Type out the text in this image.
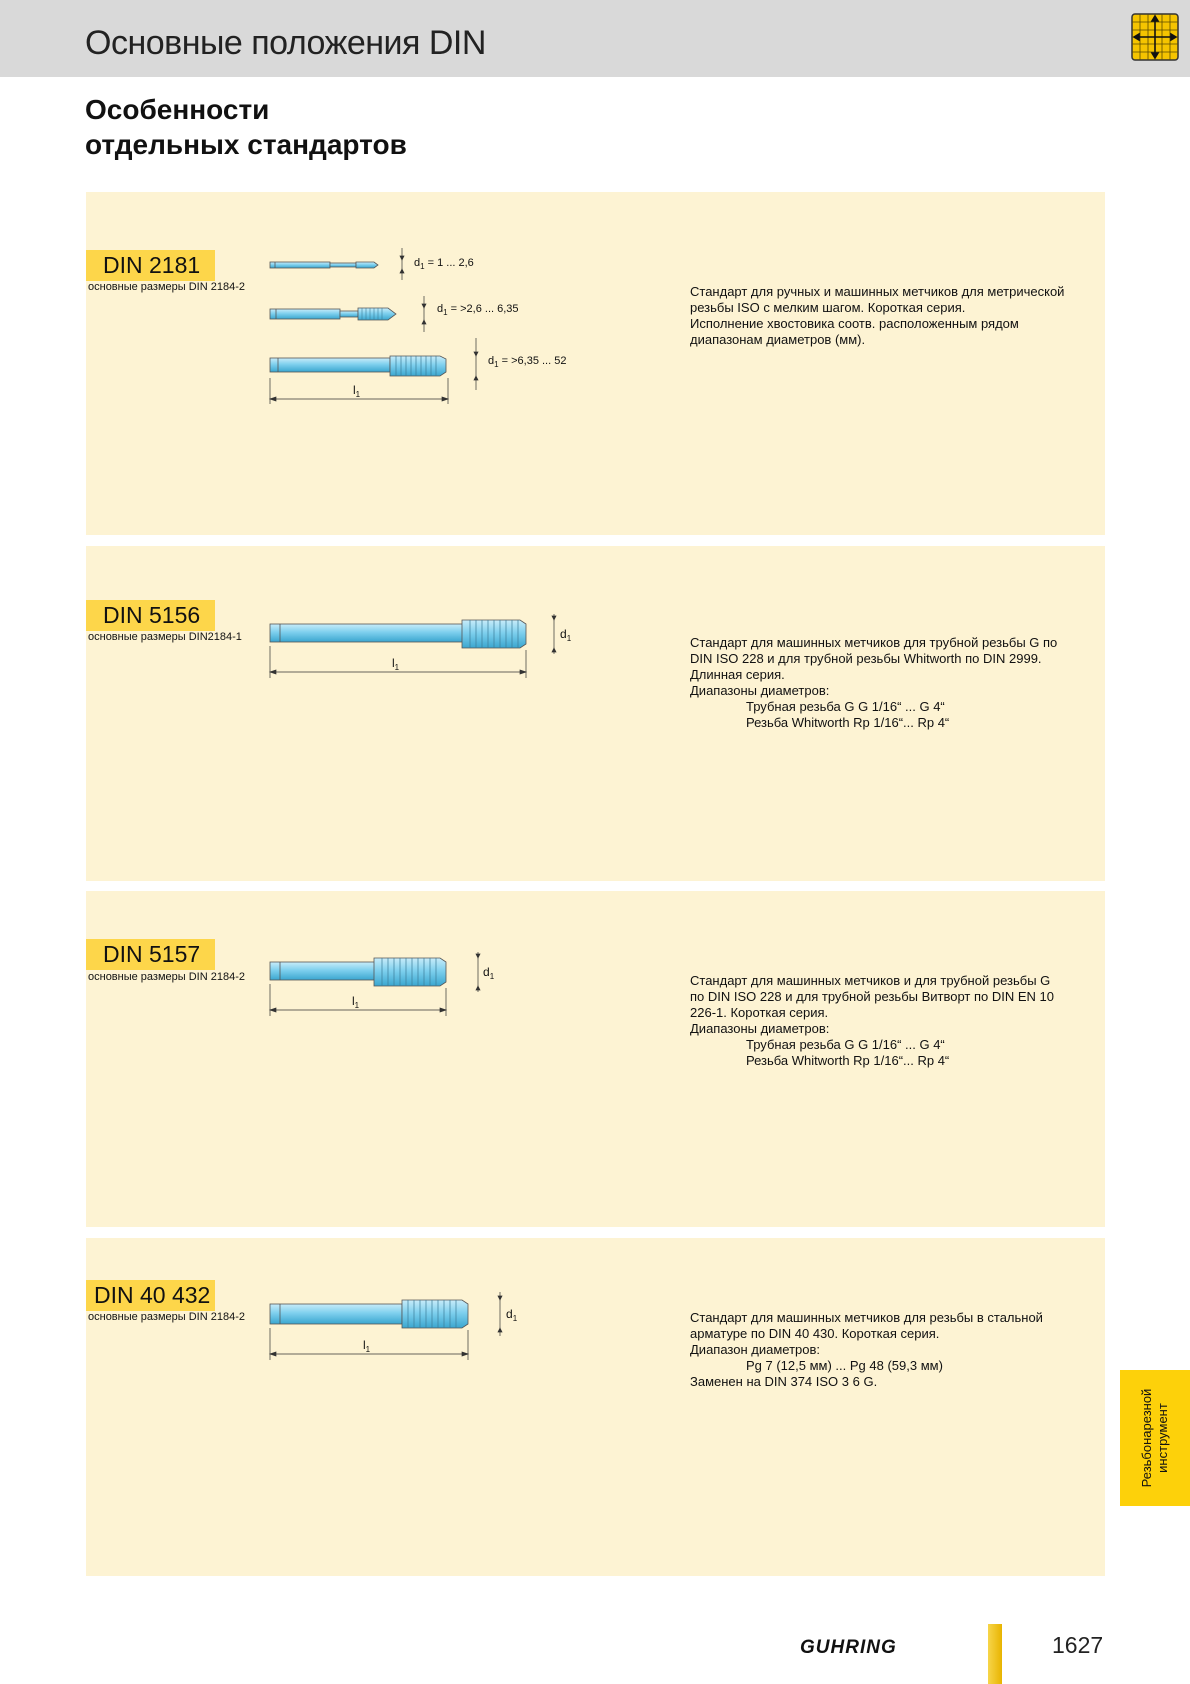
Основные положения DIN
Особенности
отдельных стандартов
DIN 2181
основные размеры DIN 2184-2
$d_1 = 1$ ... 2,6
$d_1 = >2,6$ ... 6,35
$d_1 = >6,35$ ... 52
$l_1$
Стандарт для ручных и машинных метчиков для метрической
резьбы ISO с мелким шагом. Короткая серия.
Исполнение хвостовика соотв. расположенным рядом
диапазонам диаметров (мм).
DIN 5156
основные размеры DIN2184-1	$d_1$
$l_1$
Стандарт для машинных метчиков для трубной резьбы G по
DIN ISO 228 и для трубной резьбы Whitworth по DIN 2999.
Длинная серия.
Диапазоны диаметров:
Трубная резьба G G 1/16“ ... G 4“
Резьба Whitworth Rp 1/16“... Rp 4“
DIN 5157
основные размеры DIN 2184-2	$d_1$
$l_1$
Стандарт для машинных метчиков и для трубной резьбы G
по DIN ISO 228 и для трубной резьбы Витворт по DIN EN 10
226-1. Короткая серия.
Диапазоны диаметров:
Трубная резьба G G 1/16“ ... G 4“
Резьба Whitworth Rp 1/16“... Rp 4“
DIN 40 432
основные размеры DIN 2184-2	$d_1$
$l_1$
Стандарт для машинных метчиков для резьбы в стальной
арматуре по DIN 40 430. Короткая серия.
Диапазон диаметров:
Pg 7 (12,5 мм) ... Pg 48 (59,3 мм)
Заменен на DIN 374 ISO 3 6 G.
Резьбонарезной инструмент
GUHRING	1627
